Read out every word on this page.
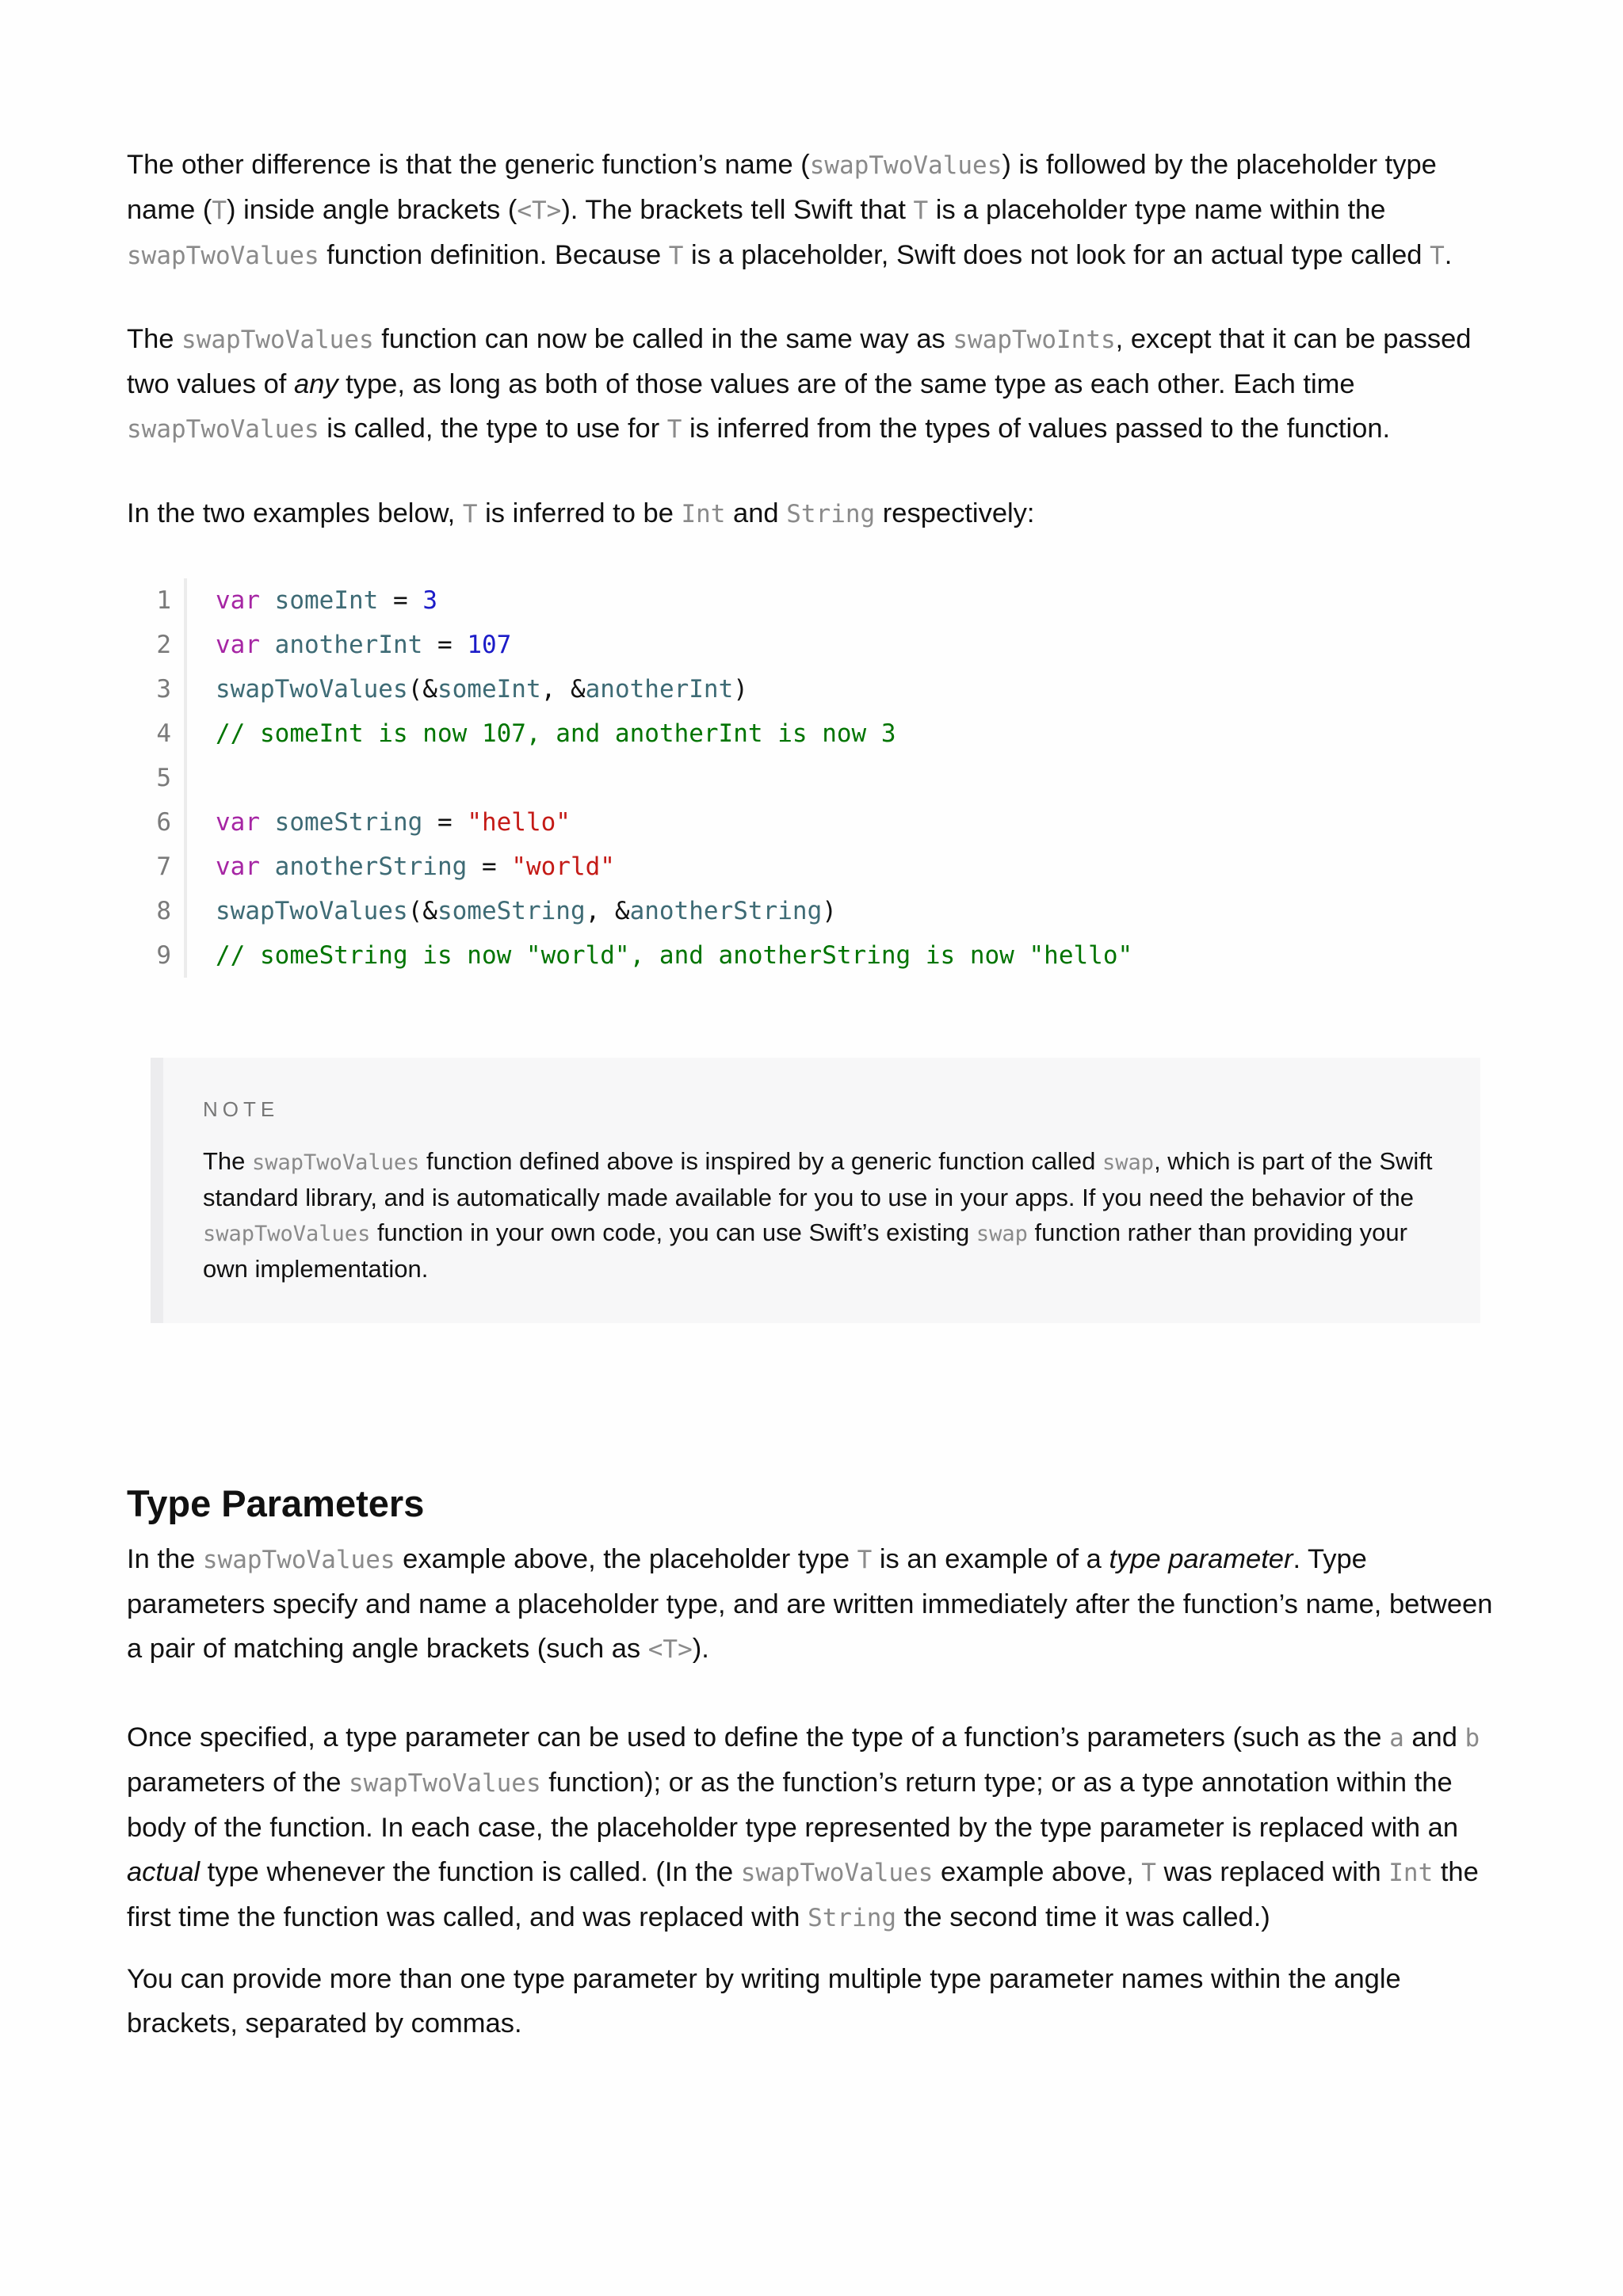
The other difference is that the generic function’s name (swapTwoValues) is followed by the placeholder type name (T) inside angle brackets (<T>). The brackets tell Swift that T is a placeholder type name within the swapTwoValues function definition. Because T is a placeholder, Swift does not look for an actual type called T.

The swapTwoValues function can now be called in the same way as swapTwoInts, except that it can be passed two values of any type, as long as both of those values are of the same type as each other. Each time swapTwoValues is called, the type to use for T is inferred from the types of values passed to the function.

In the two examples below, T is inferred to be Int and String respectively:

1	var someInt = 3
2	var anotherInt = 107
3	swapTwoValues(&someInt, &anotherInt)
4	// someInt is now 107, and anotherInt is now 3
5
6	var someString = "hello"
7	var anotherString = "world"
8	swapTwoValues(&someString, &anotherString)
9	// someString is now "world", and anotherString is now "hello"
NOTE

The swapTwoValues function defined above is inspired by a generic function called swap, which is part of the Swift standard library, and is automatically made available for you to use in your apps. If you need the behavior of the swapTwoValues function in your own code, you can use Swift’s existing swap function rather than providing your own implementation.

Type Parameters

In the swapTwoValues example above, the placeholder type T is an example of a type parameter. Type parameters specify and name a placeholder type, and are written immediately after the function’s name, between a pair of matching angle brackets (such as <T>).

Once specified, a type parameter can be used to define the type of a function’s parameters (such as the a and b parameters of the swapTwoValues function); or as the function’s return type; or as a type annotation within the body of the function. In each case, the placeholder type represented by the type parameter is replaced with an actual type whenever the function is called. (In the swapTwoValues example above, T was replaced with Int the first time the function was called, and was replaced with String the second time it was called.)

You can provide more than one type parameter by writing multiple type parameter names within the angle brackets, separated by commas.
